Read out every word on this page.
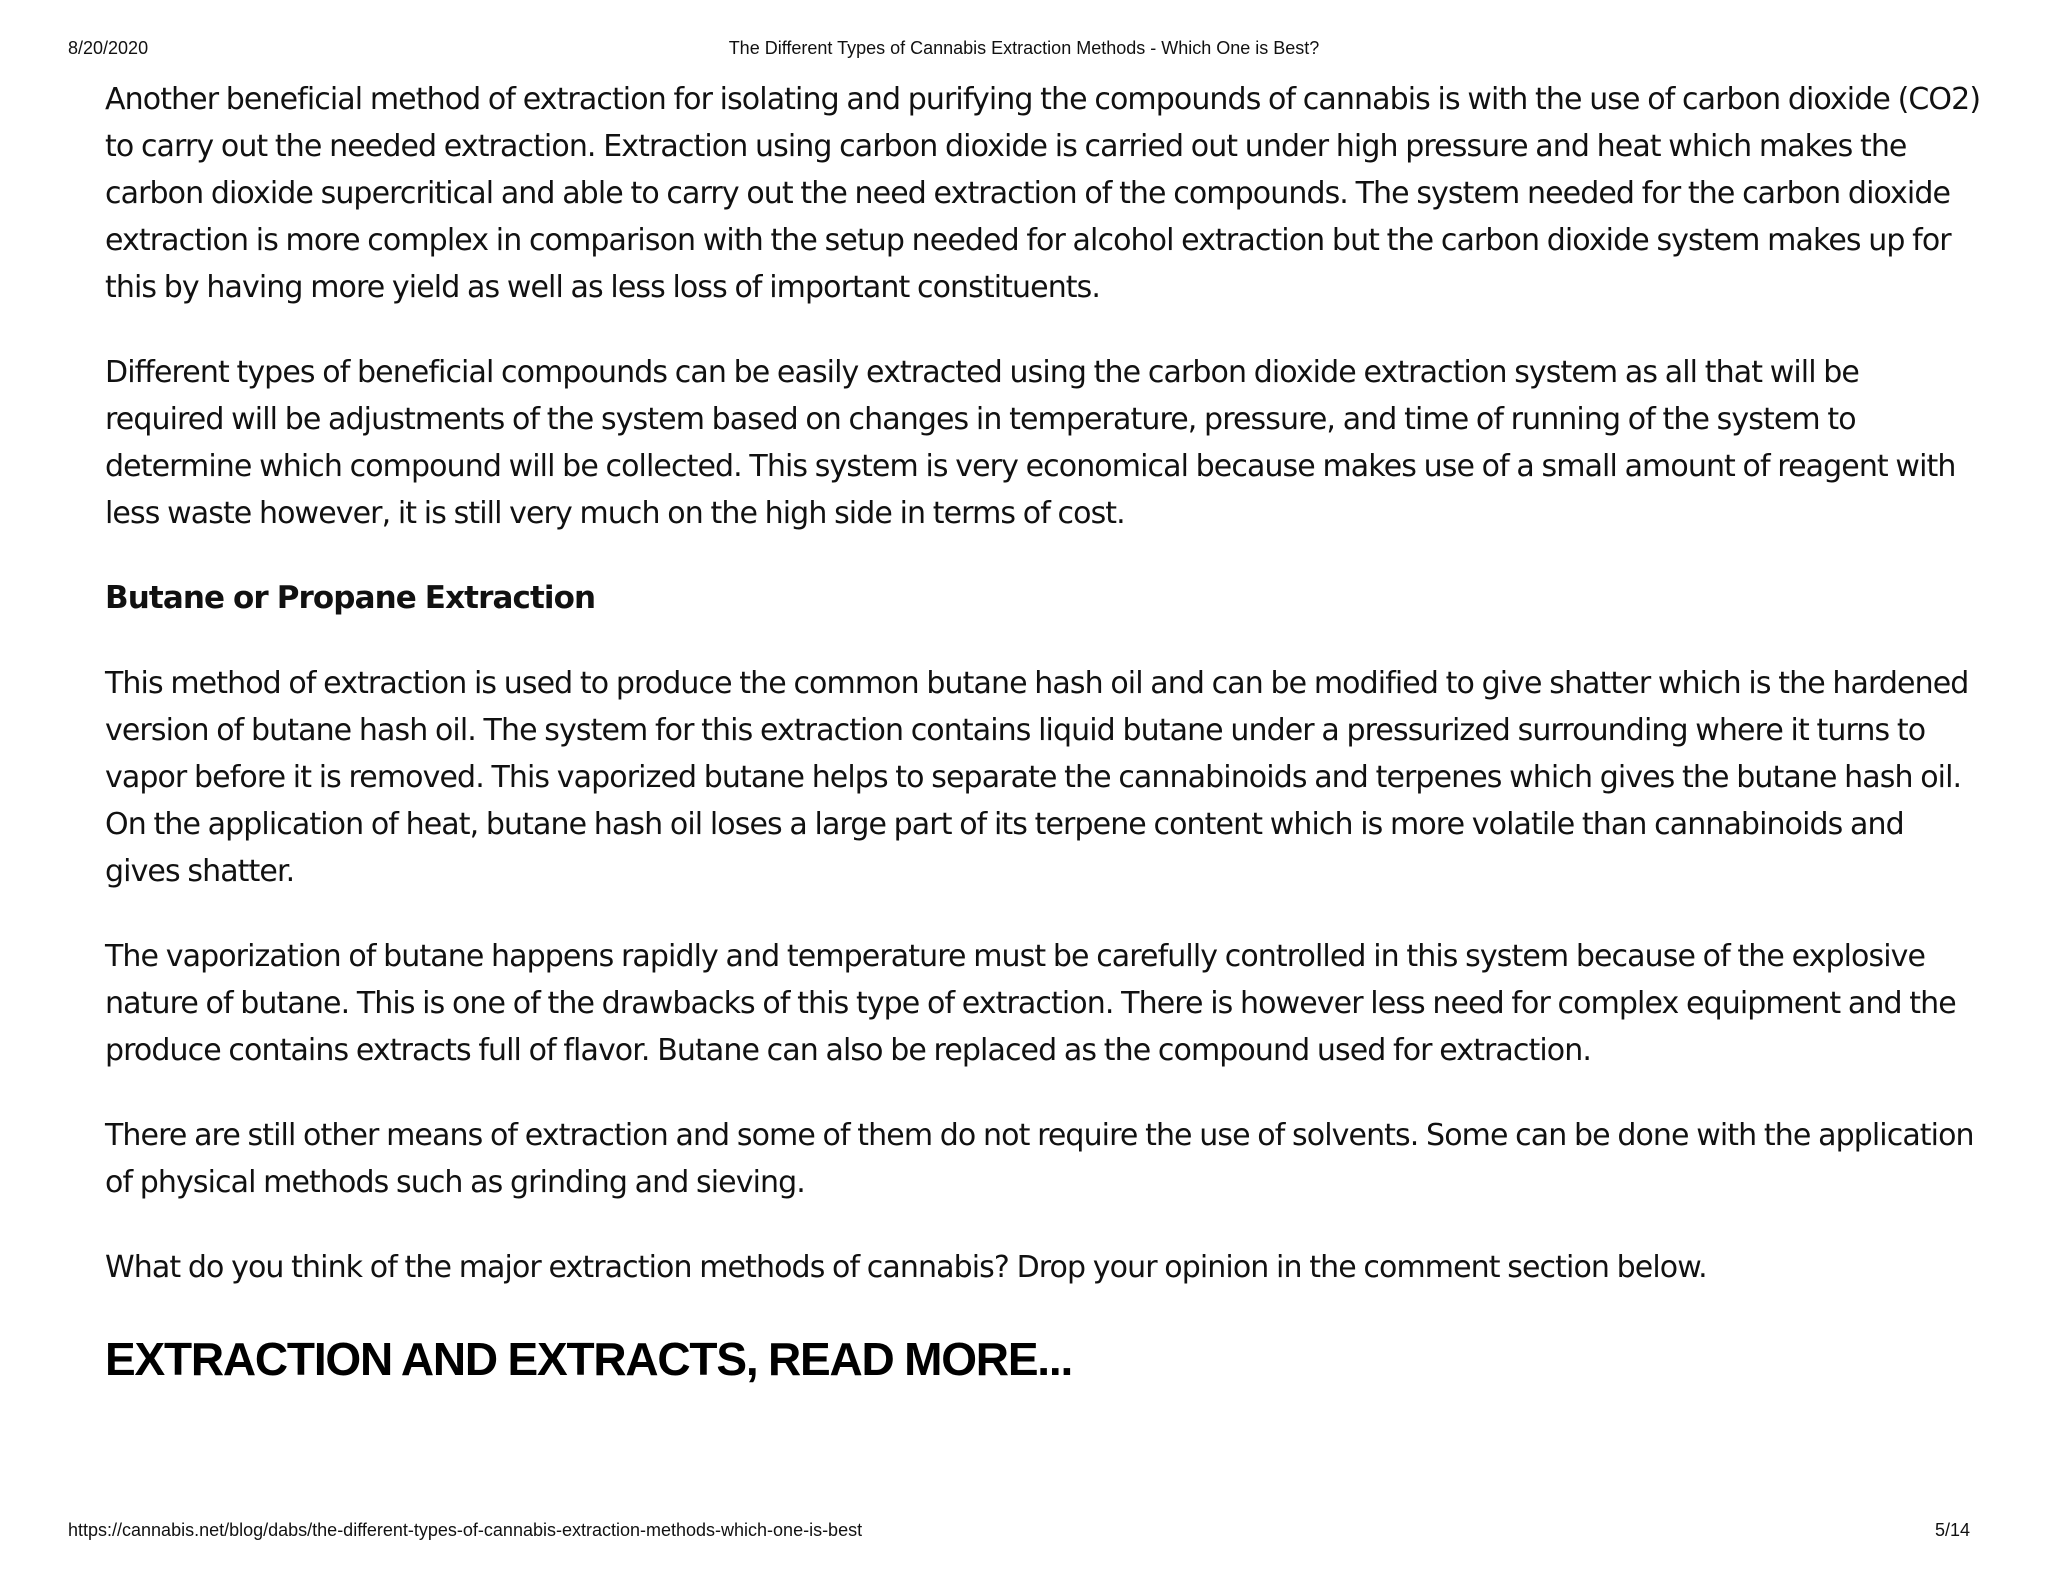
8/20/2020	The Different Types of Cannabis Extraction Methods - Which One is Best?

Another beneficial method of extraction for isolating and purifying the compounds of cannabis is with the use of carbon dioxide (CO2) to carry out the needed extraction. Extraction using carbon dioxide is carried out under high pressure and heat which makes the carbon dioxide supercritical and able to carry out the need extraction of the compounds. The system needed for the carbon dioxide extraction is more complex in comparison with the setup needed for alcohol extraction but the carbon dioxide system makes up for this by having more yield as well as less loss of important constituents.

Different types of beneficial compounds can be easily extracted using the carbon dioxide extraction system as all that will be required will be adjustments of the system based on changes in temperature, pressure, and time of running of the system to determine which compound will be collected. This system is very economical because makes use of a small amount of reagent with less waste however, it is still very much on the high side in terms of cost.

Butane or Propane Extraction

This method of extraction is used to produce the common butane hash oil and can be modified to give shatter which is the hardened version of butane hash oil. The system for this extraction contains liquid butane under a pressurized surrounding where it turns to vapor before it is removed. This vaporized butane helps to separate the cannabinoids and terpenes which gives the butane hash oil. On the application of heat, butane hash oil loses a large part of its terpene content which is more volatile than cannabinoids and gives shatter.

The vaporization of butane happens rapidly and temperature must be carefully controlled in this system because of the explosive nature of butane. This is one of the drawbacks of this type of extraction. There is however less need for complex equipment and the produce contains extracts full of flavor. Butane can also be replaced as the compound used for extraction.

There are still other means of extraction and some of them do not require the use of solvents. Some can be done with the application of physical methods such as grinding and sieving.

What do you think of the major extraction methods of cannabis? Drop your opinion in the comment section below.

EXTRACTION AND EXTRACTS, READ MORE...
https://cannabis.net/blog/dabs/the-different-types-of-cannabis-extraction-methods-which-one-is-best	5/14
